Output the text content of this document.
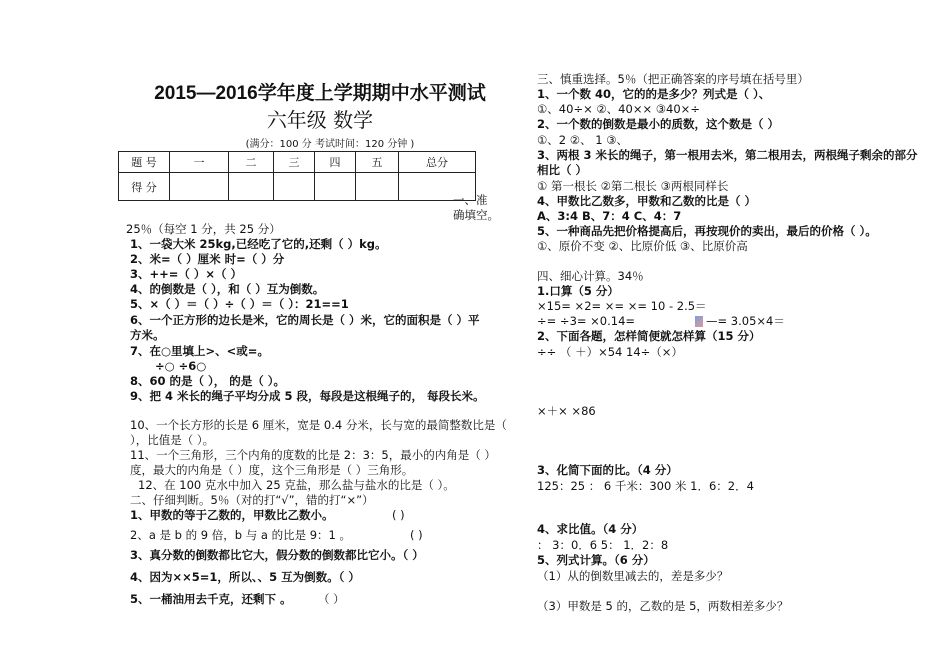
2015—2016学年度上学期期中水平测试
六年级 数学
(满分：100 分 考试时间：120 分钟 )
题 号	一	二	三	四	五	总分
得 分						
一、准
确填空。
25％（每空 1 分，共 25 分）
1、一袋大米 25kg,已经吃了它的,还剩（ ）kg。
2、米=（ ）厘米 时=（ ）分
3、++=（ ）×（ ）
4、的倒数是（ ），和（ ）互为倒数。
5、×（ ）＝（ ）÷（ ）＝（ ）：21==1
6、一个正方形的边长是米，它的周长是（ ）米，它的面积是（ ）平
方米。
7、在○里填上>、<或=。
÷○ ÷6○
8、60 的是（ ）， 的是（ ）。
9、把 4 米长的绳子平均分成 5 段，每段是这根绳子的， 每段长米。
10、一个长方形的长是 6 厘米，宽是 0.4 分米，长与宽的最简整数比是（
），比值是（ ）。
11、一个三角形，三个内角的度数的比是 2：3：5，最小的内角是（ ）
度，最大的内角是（ ）度，这个三角形是（ ）三角形。
12、在 100 克水中加入 25 克盐，那么盐与盐水的比是（ ）。
二、仔细判断。5％（对的打“√”，错的打“×”）
1、甲数的等于乙数的，甲数比乙数小。	( )
2、a 是 b 的 9 倍，b 与 a 的比是 9：1 。	( )
3、真分数的倒数都比它大，假分数的倒数都比它小。（ ）
4、因为××5=1，所以、、5 互为倒数。（ ）
5、一桶油用去千克，还剩下 。 （ ）
三、慎重选择。5％（把正确答案的序号填在括号里）
1、一个数 40，它的的是多少？列式是（ ）、
①、40÷× ②、40×× ③40×÷
2、一个数的倒数是最小的质数，这个数是（ ）
①、2 ②、 1 ③、
3、两根 3 米长的绳子，第一根用去米，第二根用去，两根绳子剩余的部分
相比（ ）
① 第一根长 ②第二根长 ③两根同样长
4、甲数比乙数多，甲数和乙数的比是（ ）
A、3:4 B、7：4 C、4：7
5、一种商品先把价格提高后，再按现价的卖出，最后的价格（ ）。
①、原价不变 ②、比原价低 ③、比原价高
四、细心计算。34％
1.口算（5 分）
×15= ×2= ×= ×= 10 - 2.5＝
÷= ÷3= ×0.14=	—= 3.05×4＝
2、下面各题，怎样简便就怎样算（15 分）
÷÷ （ ＋）×54 14÷（×）
×＋× ×86
3、化简下面的比。（4 分）
125：25 ： 6 千米：300 米 1．6：2．4
4、求比值。（4 分）
： 3：0．6 5： 1．2：8
5、列式计算。（6 分）
（1）从的倒数里减去的，差是多少？
（3）甲数是 5 的，乙数的是 5，两数相差多少？
